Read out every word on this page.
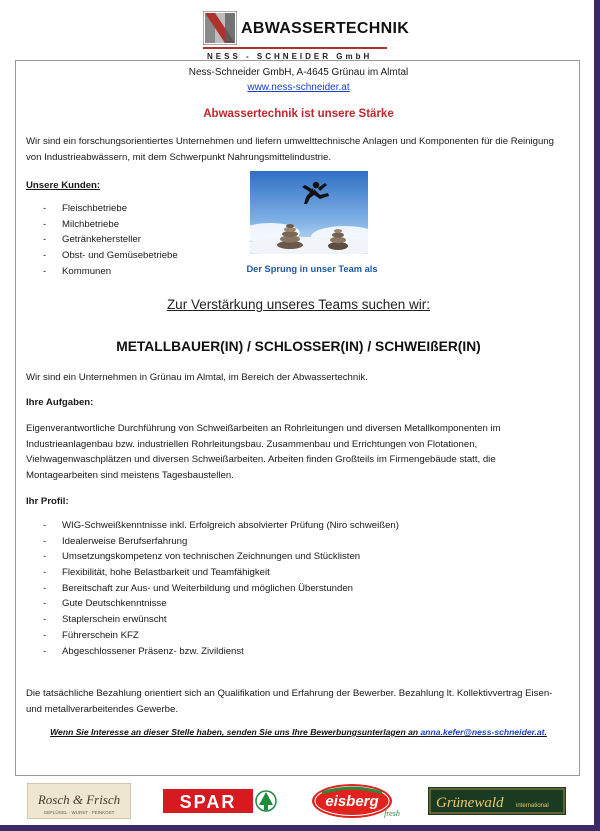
ABWASSERTECHNIK
NESS - SCHNEIDER GmbH
Ness-Schneider GmbH, A-4645 Grünau im Almtal
www.ness-schneider.at
Abwassertechnik ist unsere Stärke
Wir sind ein forschungsorientiertes Unternehmen und liefern umwelttechnische Anlagen und Komponenten für die Reinigung von Industrieabwässern, mit dem Schwerpunkt Nahrungsmittelindustrie.
Unsere Kunden:
- Fleischbetriebe
- Milchbetriebe
- Getränkehersteller
- Obst- und Gemüsebetriebe
- Kommunen	Der Sprung in unser Team als
Zur Verstärkung unseres Teams suchen wir:
METALLBAUER(IN) / SCHLOSSER(IN) / SCHWEIßER(IN)
Wir sind ein Unternehmen in Grünau im Almtal, im Bereich der Abwassertechnik.
Ihre Aufgaben:
Eigenverantwortliche Durchführung von Schweißarbeiten an Rohrleitungen und diversen Metallkomponenten im Industrieanlagenbau bzw. industriellen Rohrleitungsbau. Zusammenbau und Errichtungen von Flotationen, Viehwagenwaschplätzen und diversen Schweißarbeiten. Arbeiten finden Großteils im Firmengebäude statt, die Montagearbeiten sind meistens Tagesbaustellen.
Ihr Profil:
- WIG-Schweißkenntnisse inkl. Erfolgreich absolvierter Prüfung (Niro schweißen)
- Idealerweise Berufserfahrung
- Umsetzungskompetenz von technischen Zeichnungen und Stücklisten
- Flexibilität, hohe Belastbarkeit und Teamfähigkeit
- Bereitschaft zur Aus- und Weiterbildung und möglichen Überstunden
- Gute Deutschkenntnisse
- Staplerschein erwünscht
- Führerschein KFZ
- Abgeschlossener Präsenz- bzw. Zivildienst
Die tatsächliche Bezahlung orientiert sich an Qualifikation und Erfahrung der Bewerber. Bezahlung lt. Kollektivvertrag Eisen- und metallverarbeitendes Gewerbe.
Wenn Sie Interesse an dieser Stelle haben, senden Sie uns Ihre Bewerbungsunterlagen an anna.kefer@ness-schneider.at.
Rosch & Frisch
GEFLÜGEL · WURST · FEINKOST
SPAR	eisberg
fresh
Grünewald international
